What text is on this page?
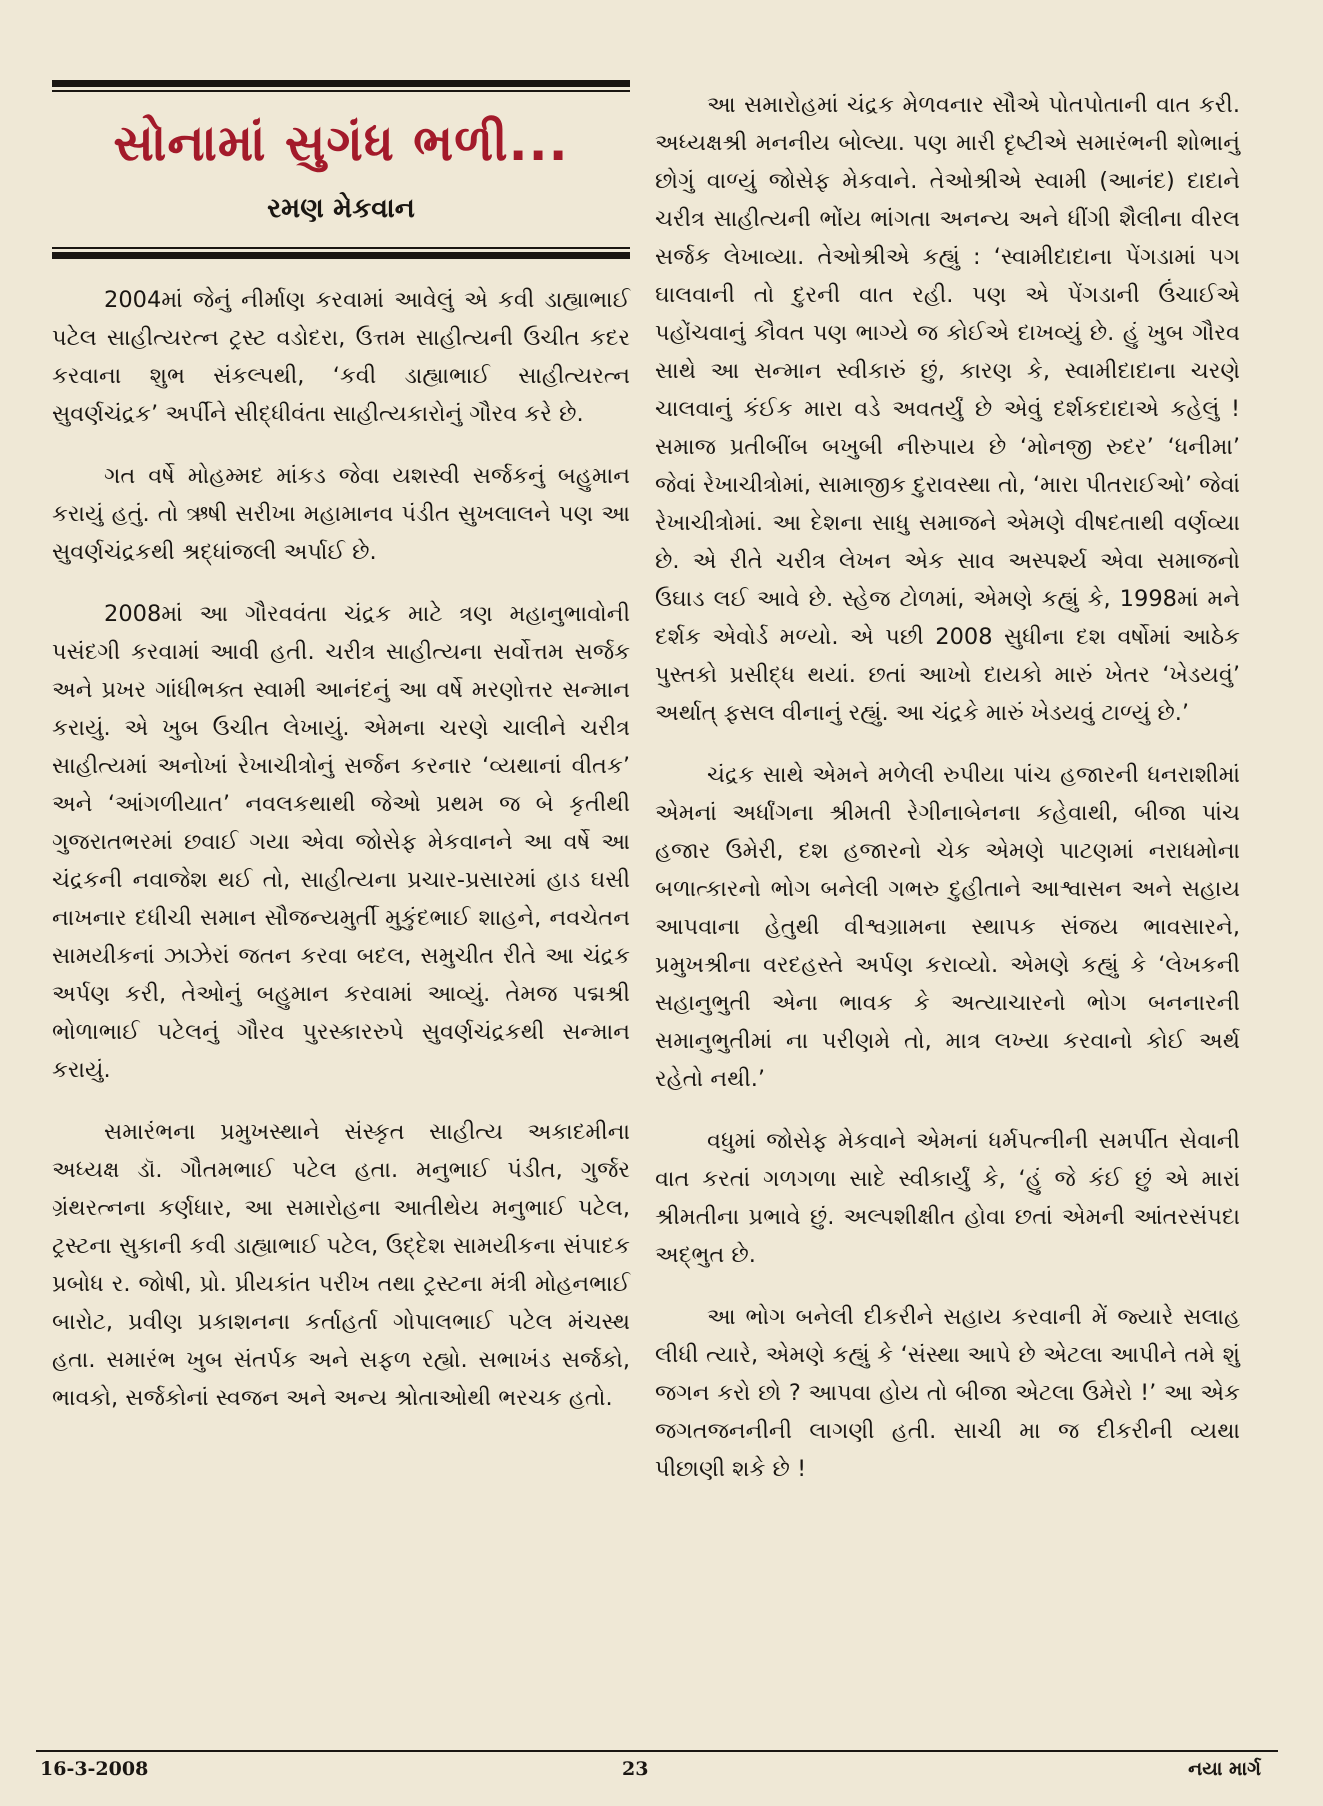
સોનામાં સુગંધ ભળી...
રમણ મેકવાન

2004માં જેનું નીર્માણ કરવામાં આવેલું એ કવી ડાહ્યાભાઈ પટેલ સાહીત્યરત્ન ટ્રસ્ટ વડોદરા, ઉત્તમ સાહીત્યની ઉચીત કદર કરવાના શુભ સંકલ્પથી, ‘કવી ડાહ્યાભાઈ સાહીત્યરત્ન સુવર્ણચંદ્રક’ અર્પીને સીદ્ધીવંતા સાહીત્યકારોનું ગૌરવ કરે છે.

ગત વર્ષે મોહમ્મદ માંકડ જેવા યશસ્વી સર્જકનું બહુમાન કરાયું હતું. તો ઋષી સરીખા મહામાનવ પંડીત સુખલાલને પણ આ સુવર્ણચંદ્રકથી શ્રદ્ધાંજલી અર્પાઈ છે.

2008માં આ ગૌરવવંતા ચંદ્રક માટે ત્રણ મહાનુભાવોની પસંદગી કરવામાં આવી હતી. ચરીત્ર સાહીત્યના સર્વોત્તમ સર્જક અને પ્રખર ગાંધીભક્ત સ્વામી આનંદનું આ વર્ષે મરણોત્તર સન્માન કરાયું. એ ખુબ ઉચીત લેખાયું. એમના ચરણે ચાલીને ચરીત્ર સાહીત્યમાં અનોખાં રેખાચીત્રોનું સર્જન કરનાર ‘વ્યથાનાં વીતક’ અને ‘આંગળીયાત’ નવલકથાથી જેઓ પ્રથમ જ બે કૃતીથી ગુજરાતભરમાં છવાઈ ગયા એવા જોસેફ મેકવાનને આ વર્ષે આ ચંદ્રકની નવાજેશ થઈ તો, સાહીત્યના પ્રચાર-પ્રસારમાં હાડ ઘસી નાખનાર દધીચી સમાન સૌજન્યમુર્તી મુકુંદભાઈ શાહને, નવચેતન સામયીકનાં ઝાઝેરાં જતન કરવા બદલ, સમુચીત રીતે આ ચંદ્રક અર્પણ કરી, તેઓનું બહુમાન કરવામાં આવ્યું. તેમજ પદ્મશ્રી ભોળાભાઈ પટેલનું ગૌરવ પુરસ્કારરુપે સુવર્ણચંદ્રકથી સન્માન કરાયું.

સમારંભના પ્રમુખસ્થાને સંસ્કૃત સાહીત્ય અકાદમીના અધ્યક્ષ ડૉ. ગૌતમભાઈ પટેલ હતા. મનુભાઈ પંડીત, ગુર્જર ગ્રંથરત્નના કર્ણધાર, આ સમારોહના આતીથેય મનુભાઈ પટેલ, ટ્રસ્ટના સુકાની કવી ડાહ્યાભાઈ પટેલ, ઉદ્દેશ સામયીકના સંપાદક પ્રબોધ ર. જોષી, પ્રો. પ્રીયકાંત પરીખ તથા ટ્રસ્ટના મંત્રી મોહનભાઈ બારોટ, પ્રવીણ પ્રકાશનના કર્તાહર્તા ગોપાલભાઈ પટેલ મંચસ્થ હતા. સમારંભ ખુબ સંતર્પક અને સફળ રહ્યો. સભાખંડ સર્જકો, ભાવકો, સર્જકોનાં સ્વજન અને અન્ય શ્રોતાઓથી ભરચક હતો.

આ સમારોહમાં ચંદ્રક મેળવનાર સૌએ પોતપોતાની વાત કરી. અધ્યક્ષશ્રી મનનીય બોલ્યા. પણ મારી દૃષ્ટીએ સમારંભની શોભાનું છોગું વાળ્યું જોસેફ મેકવાને. તેઓશ્રીએ સ્વામી (આનંદ) દાદાને ચરીત્ર સાહીત્યની ભોંય ભાંગતા અનન્ય અને ધીંગી શૈલીના વીરલ સર્જક લેખાવ્યા. તેઓશ્રીએ કહ્યું : ‘સ્વામીદાદાના પેંગડામાં પગ ઘાલવાની તો દુરની વાત રહી. પણ એ પેંગડાની ઉંચાઈએ પહોંચવાનું કૌવત પણ ભાગ્યે જ કોઈએ દાખવ્યું છે. હું ખુબ ગૌરવ સાથે આ સન્માન સ્વીકારું છું, કારણ કે, સ્વામીદાદાના ચરણે ચાલવાનું કંઈક મારા વડે અવતર્યું છે એવું દર્શકદાદાએ કહેલું ! સમાજ પ્રતીબીંબ બખુબી નીરુપાય છે ‘મોનજી રુદર’ ‘ધનીમા’ જેવાં રેખાચીત્રોમાં, સામાજીક દુરાવસ્થા તો, ‘મારા પીતરાઈઓ’ જેવાં રેખાચીત્રોમાં. આ દેશના સાધુ સમાજને એમણે વીષદતાથી વર્ણવ્યા છે. એ રીતે ચરીત્ર લેખન એક સાવ અસ્પર્શ્ય એવા સમાજનો ઉઘાડ લઈ આવે છે. સ્હેજ ટોળમાં, એમણે કહ્યું કે, 1998માં મને દર્શક એવોર્ડ મળ્યો. એ પછી 2008 સુધીના દશ વર્ષોમાં આઠેક પુસ્તકો પ્રસીદ્ધ થયાં. છતાં આખો દાયકો મારું ખેતર ‘ખેડયવું’ અર્થાત્ ફસલ વીનાનું રહ્યું. આ ચંદ્રકે મારું ખેડયવું ટાળ્યું છે.’

ચંદ્રક સાથે એમને મળેલી રુપીયા પાંચ હજારની ધનરાશીમાં એમનાં અર્ધાંગના શ્રીમતી રેગીનાબેનના કહેવાથી, બીજા પાંચ હજાર ઉમેરી, દશ હજારનો ચેક એમણે પાટણમાં નરાધમોના બળાત્કારનો ભોગ બનેલી ગભરુ દુહીતાને આશ્વાસન અને સહાય આપવાના હેતુથી વીશ્વગ્રામના સ્થાપક સંજય ભાવસારને, પ્રમુખશ્રીના વરદહસ્તે અર્પણ કરાવ્યો. એમણે કહ્યું કે ‘લેખકની સહાનુભુતી એના ભાવક કે અત્યાચારનો ભોગ બનનારની સમાનુભુતીમાં ના પરીણમે તો, માત્ર લખ્યા કરવાનો કોઈ અર્થ રહેતો નથી.’

વધુમાં જોસેફ મેકવાને એમનાં ધર્મપત્નીની સમર્પીત સેવાની વાત કરતાં ગળગળા સાદે સ્વીકાર્યું કે, ‘હું જે કંઈ છું એ મારાં શ્રીમતીના પ્રભાવે છું. અલ્પશીક્ષીત હોવા છતાં એમની આંતરસંપદા અદ્ભુત છે.

આ ભોગ બનેલી દીકરીને સહાય કરવાની મેં જ્યારે સલાહ લીધી ત્યારે, એમણે કહ્યું કે ‘સંસ્થા આપે છે એટલા આપીને તમે શું જગન કરો છો ? આપવા હોય તો બીજા એટલા ઉમેરો !’ આ એક જગતજનનીની લાગણી હતી. સાચી મા જ દીકરીની વ્યથા પીછાણી શકે છે !

16-3-2008	23	નયા માર્ગ
